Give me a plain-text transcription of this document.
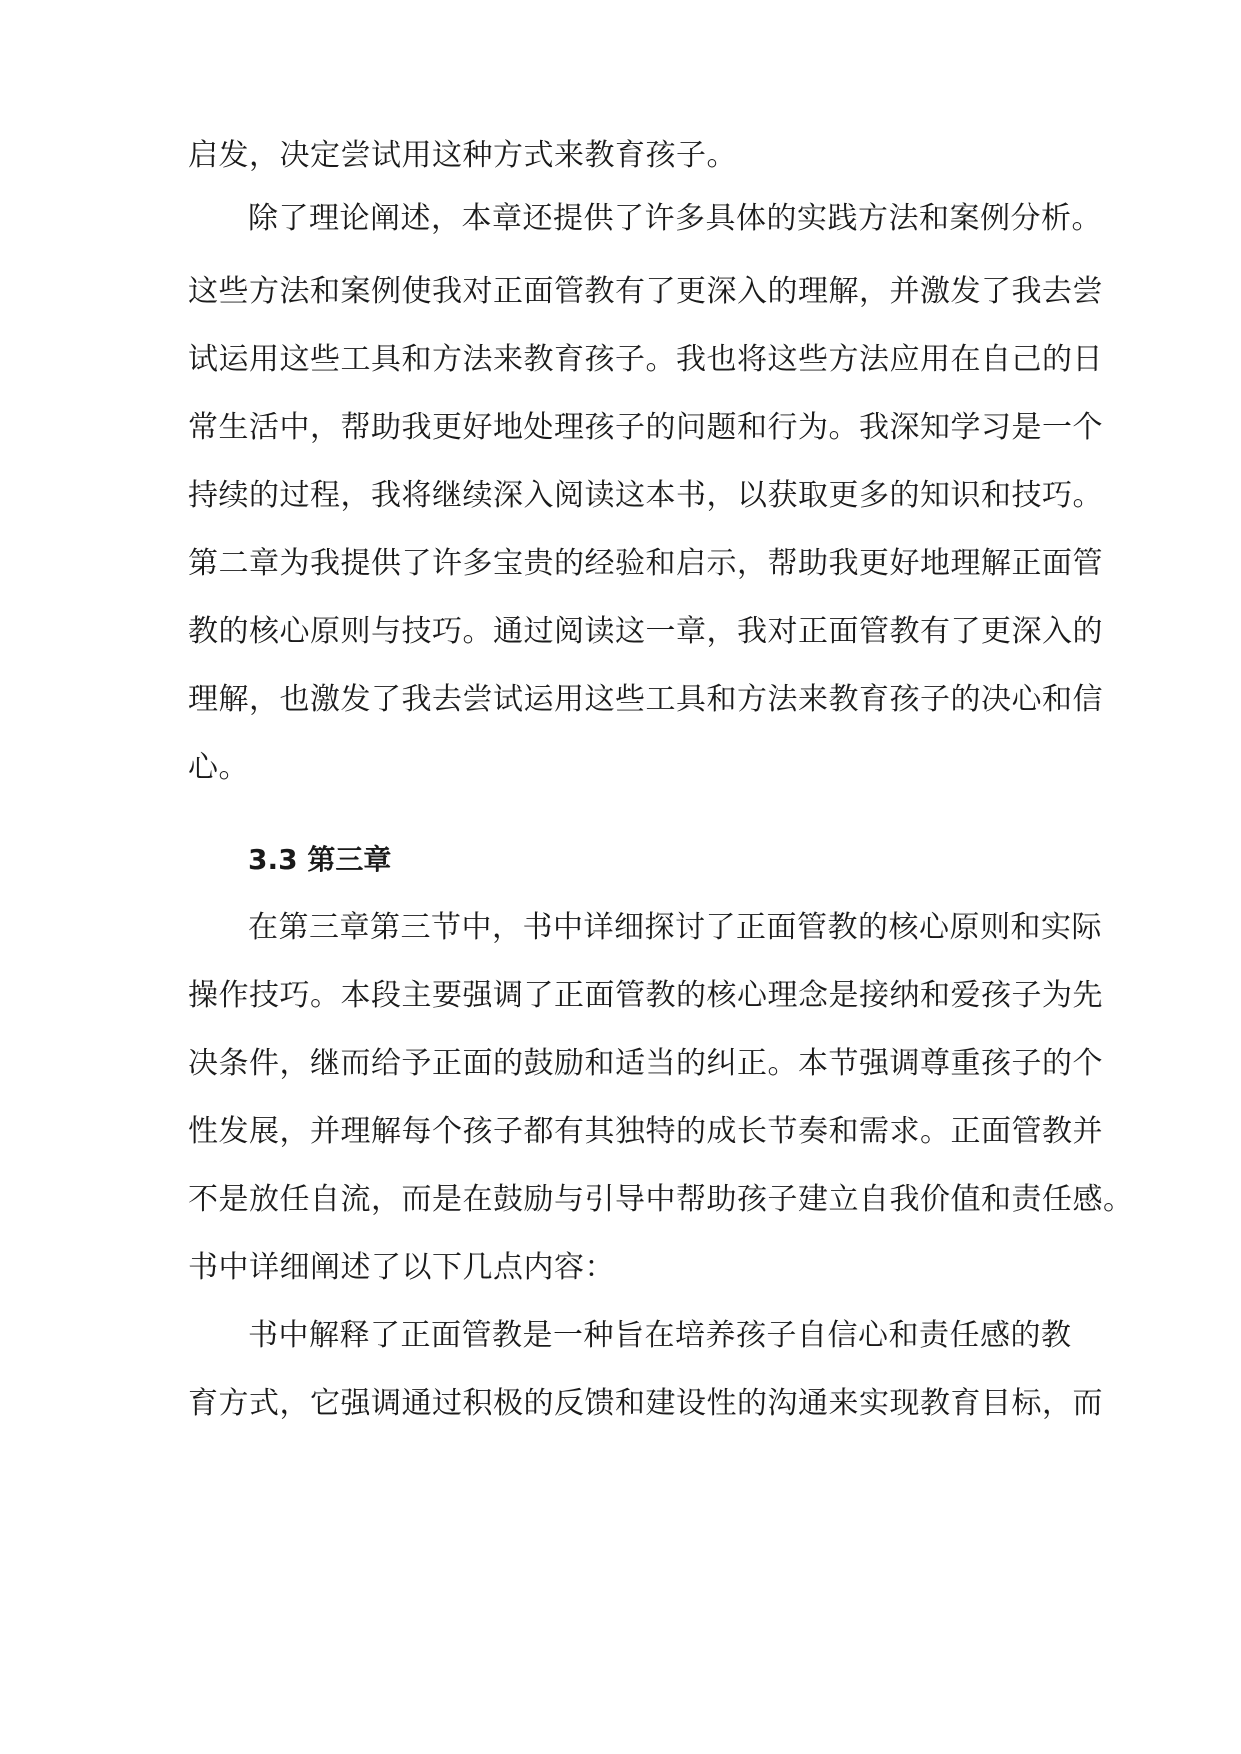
启发，决定尝试用这种方式来教育孩子。
除了理论阐述，本章还提供了许多具体的实践方法和案例分析。
这些方法和案例使我对正面管教有了更深入的理解，并激发了我去尝
试运用这些工具和方法来教育孩子。我也将这些方法应用在自己的日
常生活中，帮助我更好地处理孩子的问题和行为。我深知学习是一个
持续的过程，我将继续深入阅读这本书，以获取更多的知识和技巧。
第二章为我提供了许多宝贵的经验和启示，帮助我更好地理解正面管
教的核心原则与技巧。通过阅读这一章，我对正面管教有了更深入的
理解，也激发了我去尝试运用这些工具和方法来教育孩子的决心和信
心。
3.3 第三章
在第三章第三节中，书中详细探讨了正面管教的核心原则和实际
操作技巧。本段主要强调了正面管教的核心理念是接纳和爱孩子为先
决条件，继而给予正面的鼓励和适当的纠正。本节强调尊重孩子的个
性发展，并理解每个孩子都有其独特的成长节奏和需求。正面管教并
不是放任自流，而是在鼓励与引导中帮助孩子建立自我价值和责任感。
书中详细阐述了以下几点内容：
书中解释了正面管教是一种旨在培养孩子自信心和责任感的教
育方式，它强调通过积极的反馈和建设性的沟通来实现教育目标，而
